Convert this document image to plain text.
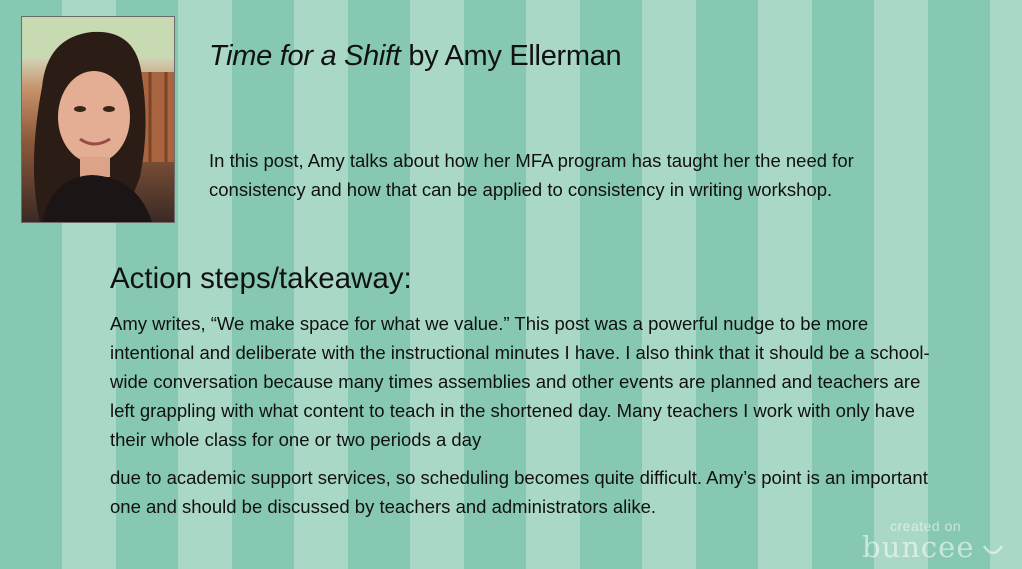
Time for a Shift by Amy Ellerman
In this post, Amy talks about how her MFA program has taught her the need for consistency and how that can be applied to consistency in writing workshop.
Action steps/takeaway:

Amy writes, “We make space for what we value.” This post was a powerful nudge to be more intentional and deliberate with the instructional minutes I have. I also think that it should be a school-wide conversation because many times assemblies and other events are planned and teachers are left grappling with what content to teach in the shortened day. Many teachers I work with only have their whole class for one or two periods a day

due to academic support services, so scheduling becomes quite difficult. Amy’s point is an important one and should be discussed by teachers and administrators alike.

created on
buncee
